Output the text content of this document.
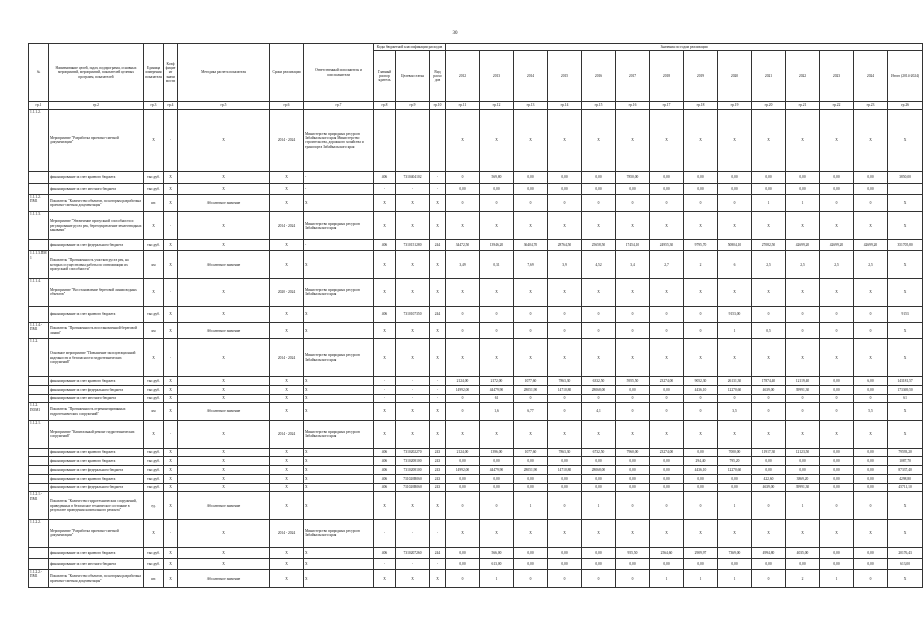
30
№	Наименование целей, задач, подпрограмм, основных мероприятий, мероприятий, показателей целевых программ, показателей	Единица измерения показателя	Коэф фициент значи мости	Методика расчета показателя	Сроки реализации	Ответственный исполнитель и соисполнители	Коды бюджетной классификации расходов			Значения по годам реализации													
							Главный распор ядитель	Целевая статья	Вид расхо дов	2012	2013	2014	2015	2016	2017	2018	2019	2020	2021	2022	2023	2024	Итого (2014-2024)
гр.1	гр.2	гр.3	гр.4	гр.5	гр.6	гр.7	гр.8	гр.9	гр.10	гр.11	гр.12	гр.13	гр.14	гр.15	гр.16	гр.17	гр.18	гр.19	гр.20	гр.21	гр.22	гр.23	гр.26
1.1.1.2.	Мероприятие "Разработка проектно-сметной документации"	X	-	X	2014 - 2024	Министерство природных ресурсов Забайкальского края Министерство строительства, дорожного хозяйства и транспорта Забайкальского края				X	X	X	X	X	X	X	X	X	X	X	X	X	X
	финансирование за счет краевого бюджета	тыс.руб.	X	X	X	-	406	7310404102	-	0	569,80	0,00	0,00	0,00	7850,00	0,00	0,00	0,00	0,00	0,00	0,00	0,00	3850,00
	финансирование за счет местного бюджета	тыс.руб.	X	X	X	-	-	-	-	0,00	0,00	0,00	0,00	0,00	0,00	0,00	0,00	0,00	0,00	0,00	0,00	0,00	
1.1.1.2. ПМ1	Показатель "Количество объектов, по которым разработана проектно-сметная документация"	шт.	X	Абсолютное значение	X	X	X	X	X	0	0	0	0	0	0	0	0	0	1	1	0	0	X
1.1.1.3.	Мероприятие "Увеличение пропускной способности и регулирование русел рек, берегоукрепление землеотводных канавами"	X	-	X	2014 - 2024	Министерство природных ресурсов Забайкальского края	X	X	X	X	X	X	X	X	X	X	X	X	X	X	X	X	X
	финансирование за счет федерального бюджета	тыс.руб.	X	X	X	-	406	7310151280	244	34472,50	13946,20	36404,70	28764,50	25658,50	17454,10	24955,30	9795,70	50804,10	27082,50	42699,20	42699,20	42699,20	351705,80
1.1.1.3.ПМ1	Показатель "Протяженность участков русел рек, на которых осуществлены работы по оптимизации их пропускной способности"	км	X	Абсолютное значение	X	X	X	X	X	3,49	0,31	7,69	3,9	4,52	3,4	2,7	2	6	2,5	2,5	2,5	2,5	X
1.1.1.4.	Мероприятие "Восстановление береговой линии водных объектов"	X	-	X	2020 - 2024	Министерство природных ресурсов Забайкальского края	X	X	X	X	X	X	X	X	X	X	X	X	X	X	X	X	X
	финансирование за счет краевого бюджета	тыс.руб.	X	X	X	X	406	7310107350	244	0	0	0	0	0	0	0	0	9153,00	0	0	0	0	9153
1.1.1.4.- ПМ1	Показатель "Протяженность восстановленной береговой линии"	км	X	Абсолютное значение	X	X	X	X	X	0	0	0	0	0	0	0	0	1	0,5	0	0	0	X
1.1.2.	Основное мероприятие "Повышение эксплуатационной надежности и безопасности гидротехнических сооружений"	X	-	X	2014 - 2024	Министерство природных ресурсов Забайкальского края	X	X	X	X	X	X	X	X	X	X	X	X	X	X	X	X	X
	финансирование за счет краевого бюджета	тыс.руб.	X	X	X	X	-	-	-	2124,00	2172,00	1077,60	7863,30	6332,50	5955,50	23274,00	9052,30	26131,30	17874,40	12119,40	0,00	6,00	143181,57
	финансирование за счет федерального бюджета	тыс.руб.	X	X	X	X	-	-	-	14992,00	44479,90	28051,90	14710,80	28068,00	0,00	0,00	4436,10	12270,60	4639,00	39991,30	0,00	0,00	173369,50
	финансирование за счет местного бюджета	тыс.руб.	X	X	X	X	-	-	-	0	61	0	0	0	0	0	0	0	0	0	0	0	61
1.1.2. ПОМ1	Показатель "Протяженность отремонтированных гидротехнических сооружений"	км	X	Абсолютное значение	X	X	X	X	X	0	1,6	6,77	0	4,1	0	0	0	3,5	0	0	0	5,5	X
1.1.2.1.	Мероприятие "Капитальный ремонт гидротехнических сооружений"	X	-	X	2014 - 2024	Министерство природных ресурсов Забайкальского края	X	X	X	X	X	X	X	X	X	X	X	X	X	X	X	X	X
	финансирование за счет краевого бюджета	тыс.руб.	X	X	X	X	406	7310202270	243	2124,00	1396,00	1077,60	7863,30	6732,50	7960,00	23274,00	0,00	7000,00	11917,30	12123,50	0,00	0,00	79593,20
	финансирование за счет краевого бюджета	тыс.руб.	X	X	X	X	406	7310208100	243	0,00	0,00	0,00	0,00	0,00	0,00	0,00	294,40	795,20	0,00	0,00	0,00	0,00	1087,70
	финансирование за счет федерального бюджета	тыс.руб.	X	X	X	X	406	7310208100	243	14992,00	44479,90	28051,90	14710,80	28068,00	0,00	0,00	4436,10	12270,60	0,00	0,00	0,00	0,00	87337,40
	финансирование за счет краевого бюджета	тыс.руб.	X	X	X	X	406	731020R060	243	0,00	0,00	0,00	0,00	0,00	0,00	0,00	0,00	0,00	422,60	3869,20	0,00	0,00	4298,80
	финансирование за счет федерального бюджета	тыс.руб.	X	X	X	X	406	731020R060	243	0,00	0,00	0,00	0,00	0,00	0,00	0,00	0,00	0,00	4639,00	39991,30	0,00	0,00	45711,10
1.1.2.1.- ПМ1	Показатель "Количество гидротехнических сооружений, приведенных в безопасное техническое состояние в результате проведения капитального ремонта"	ед.	X	Абсолютное значение	X	X	X	X	X	0	0	1	0	1	0	0	0	1	0	1	0	0	X
1.1.2.2.	Мероприятие "Разработка проектно-сметной документации"	X	-	X	2014 - 2024	Министерство природных ресурсов Забайкальского края	-	-	-	X	X	X	X	X	X	X	X	X	X	X	X	X	X
	финансирование за счет краевого бюджета	тыс.руб.	X	X	X	X	406	7310207260	244	0,00	566,00	0,00	0,00	0,00	955,50	2564,60	2909,97	7369,00	4994,80	4035,00	0,00	0,00	20176,43
	финансирование за счет местного бюджета	тыс.руб.	X	X	X	X	-	-	-	0,00	613,00	0,00	0,00	0,00	0,00	0,00	0,00	0,00	0,00	0,00	0,00	0,00	613,00
1.1.2.2.- ПМ1	Показатель "Количество объектов, по которым разработана проектно-сметная документация"	шт.	X	Абсолютное значение	X	X	X	X	X	0	1	0	0	0	0	1	1	1	0	2	1	0	X
